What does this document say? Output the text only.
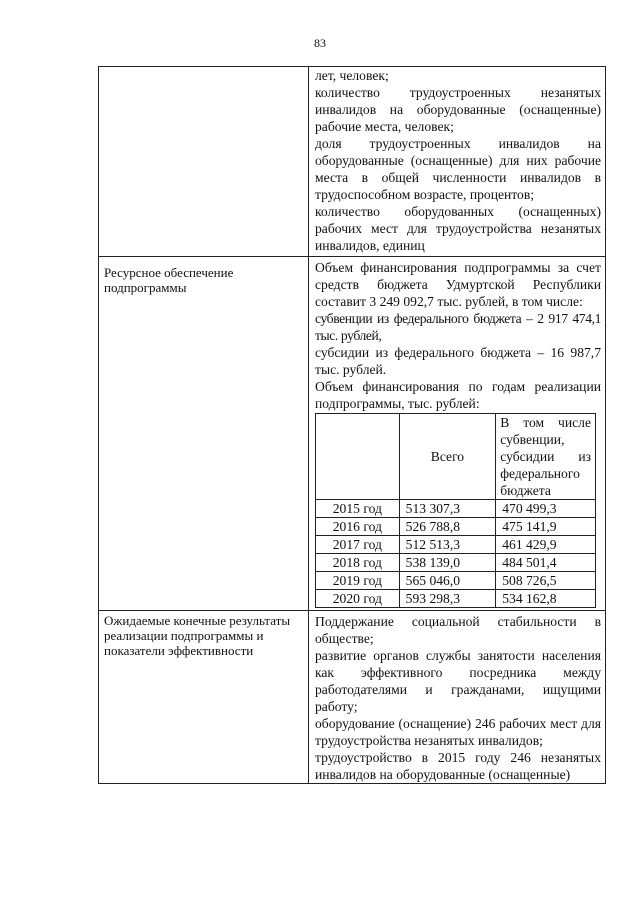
83

лет, человек;
количество трудоустроенных незанятых инвалидов на оборудованные (оснащенные) рабочие места, человек;
доля трудоустроенных инвалидов на оборудованные (оснащенные) для них рабочие места в общей численности инвалидов в трудоспособном возрасте, процентов;
количество оборудованных (оснащенных) рабочих мест для трудоустройства незанятых инвалидов, единиц

Ресурсное обеспечение подпрограммы	
Объем финансирования подпрограммы за счет средств бюджета Удмуртской Республики составит 3 249 092,7 тыс. рублей, в том числе:
субвенции из федерального бюджета – 2 917 474,1 тыс. рублей,
субсидии из федерального бюджета – 16 987,7 тыс. рублей.
Объем финансирования по годам реализации подпрограммы, тыс. рублей:
	Всего	В том числе субвенции, субсидии из федерального бюджета
2015 год	513 307,3	470 499,3
2016 год	526 788,8	475 141,9
2017 год	512 513,3	461 429,9
2018 год	538 139,0	484 501,4
2019 год	565 046,0	508 726,5
2020 год	593 298,3	534 162,8

Ожидаемые конечные результаты реализации подпрограммы и показатели эффективности	
Поддержание социальной стабильности в обществе;
развитие органов службы занятости населения как эффективного посредника между работодателями и гражданами, ищущими работу;
оборудование (оснащение) 246 рабочих мест для трудоустройства незанятых инвалидов;
трудоустройство в 2015 году 246 незанятых инвалидов на оборудованные (оснащенные)
